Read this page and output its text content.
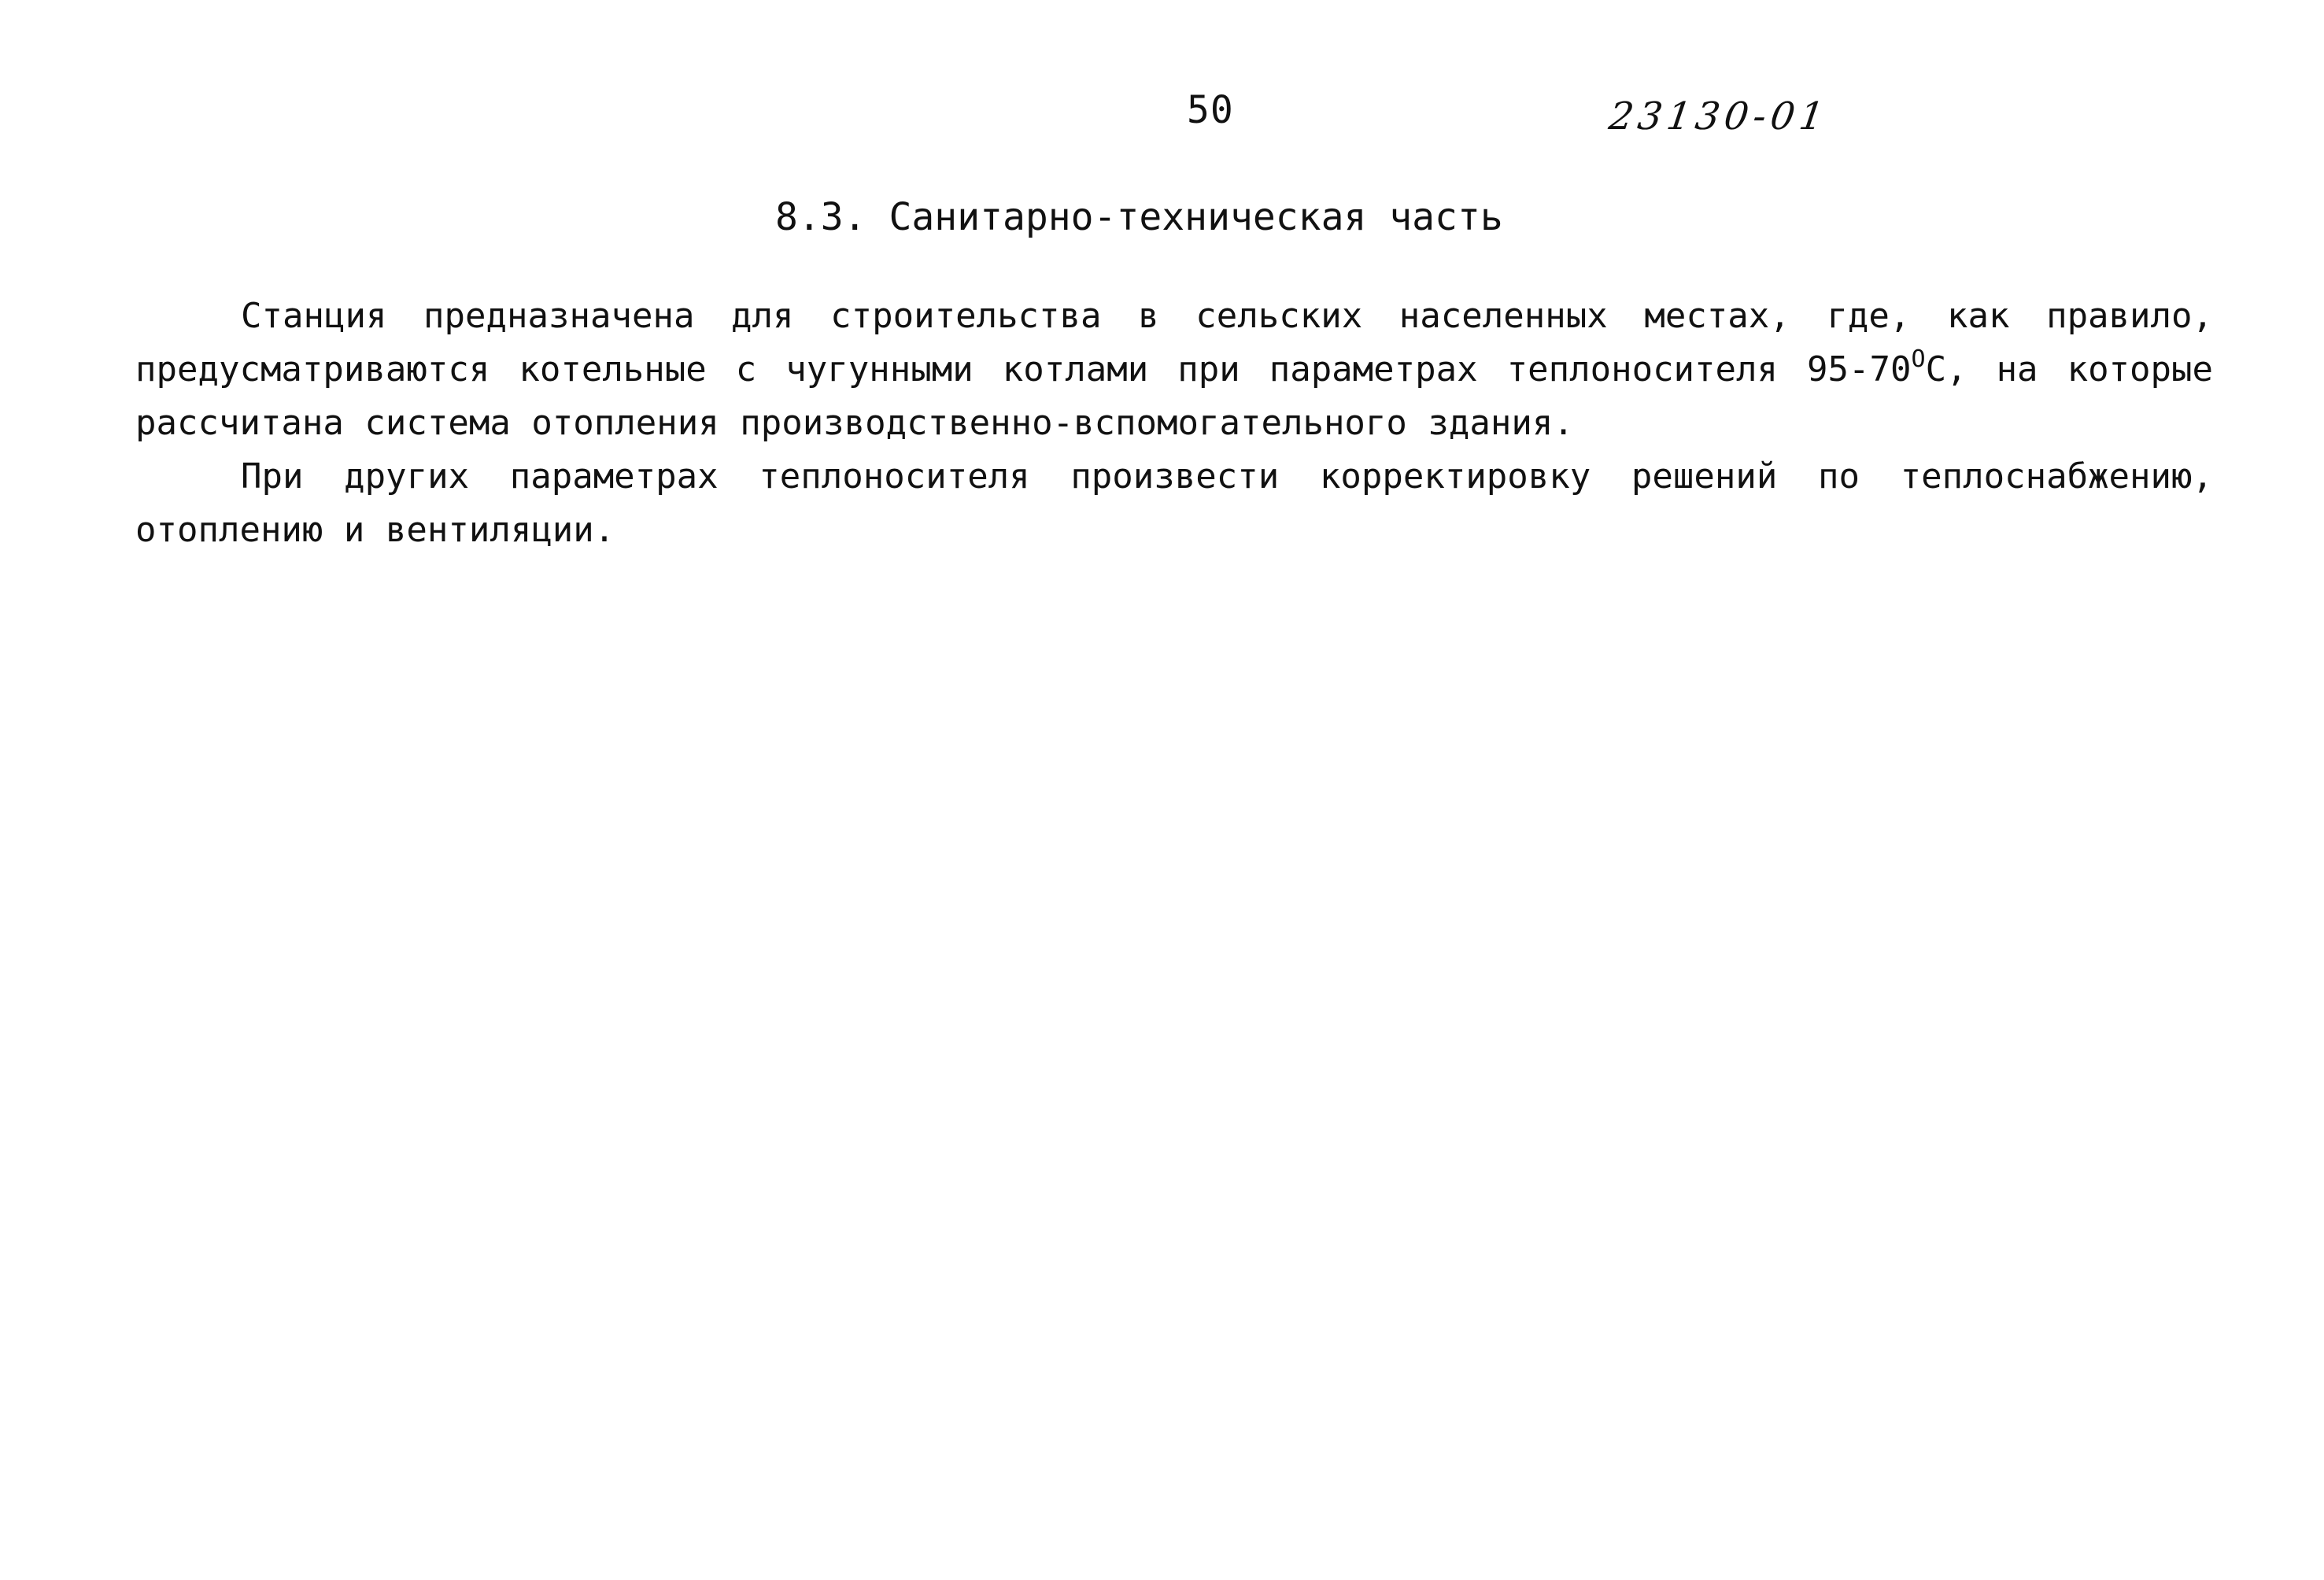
50	23130-01
8.3. Санитарно-техническая часть

Станция предназначена для строительства в сельских населенных местах, где, как правило, предусматриваются котельные с чугунными котлами при параметрах теплоносителя $95-70^ОС$, на которые рассчитана система отопления производственно-вспомогательного здания.

При других параметрах теплоносителя произвести корректировку решений по теплоснабжению, отоплению и вентиляции.
